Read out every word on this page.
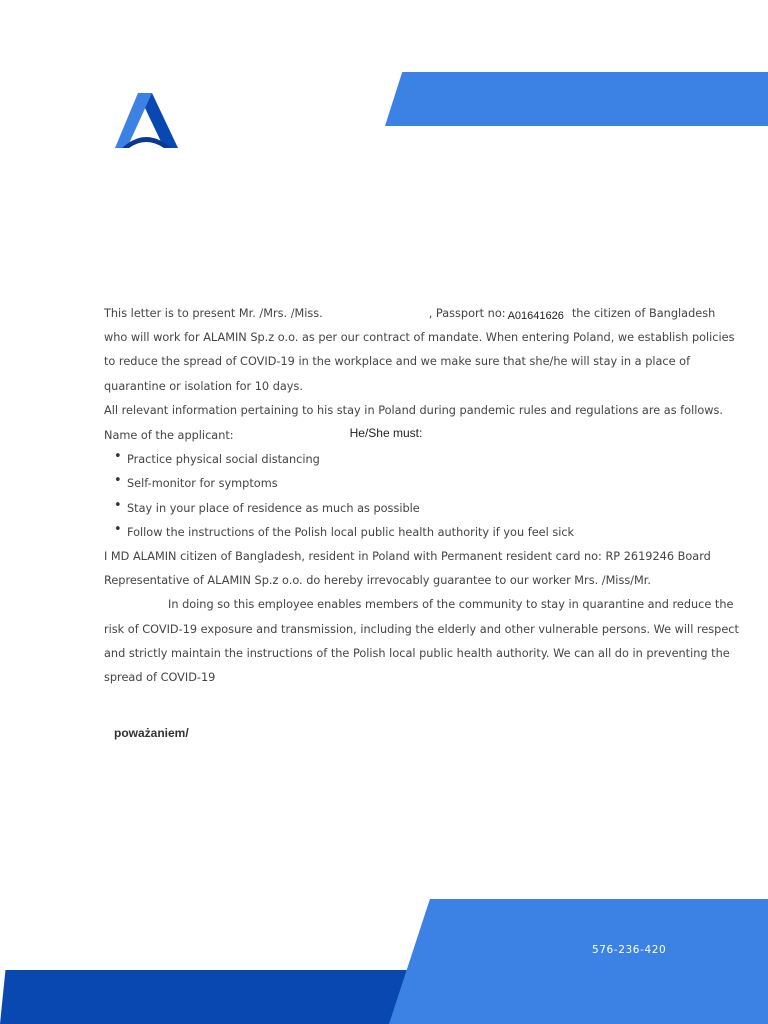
This letter is to present Mr. /Mrs. /Miss.	, Passport no: A01641626 the citizen of Bangladesh

who will work for ALAMIN Sp.z o.o. as per our contract of mandate. When entering Poland, we establish policies

to reduce the spread of COVID-19 in the workplace and we make sure that she/he will stay in a place of

quarantine or isolation for 10 days.

All relevant information pertaining to his stay in Poland during pandemic rules and regulations are as follows.

Name of the applicant:	He/She must:

• Practice physical social distancing
• Self-monitor for symptoms
• Stay in your place of residence as much as possible
• Follow the instructions of the Polish local public health authority if you feel sick

I MD ALAMIN citizen of Bangladesh, resident in Poland with Permanent resident card no: RP 2619246 Board

Representative of ALAMIN Sp.z o.o. do hereby irrevocably guarantee to our worker Mrs. /Miss/Mr.

In doing so this employee enables members of the community to stay in quarantine and reduce the

risk of COVID-19 exposure and transmission, including the elderly and other vulnerable persons. We will respect

and strictly maintain the instructions of the Polish local public health authority. We can all do in preventing the

spread of COVID-19

poważaniem/
576-236-420
